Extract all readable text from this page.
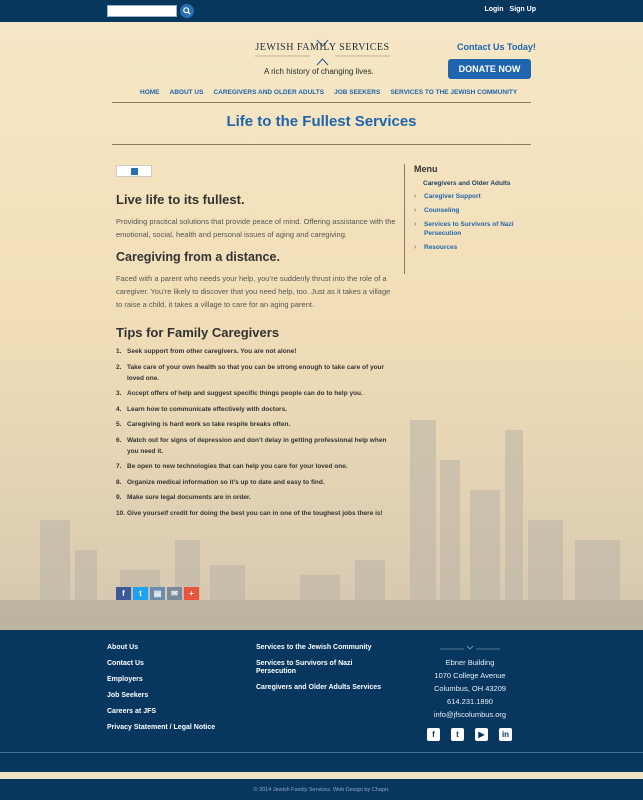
Login Sign Up
JEWISH FAMILY SERVICES
A rich history of changing lives.
Contact Us Today!
DONATE NOW
HOME ABOUT US CAREGIVERS AND OLDER ADULTS JOB SEEKERS SERVICES TO THE JEWISH COMMUNITY
Life to the Fullest Services
Live life to its fullest.
Providing practical solutions that provide peace of mind. Offering assistance with the emotional, social, health and personal issues of aging and caregiving.
Caregiving from a distance.
Faced with a parent who needs your help, you’re suddenly thrust into the role of a caregiver. You’re likely to discover that you need help, too. Just as it takes a village to raise a child, it takes a village to care for an aging parent.
Tips for Family Caregivers
1. Seek support from other caregivers. You are not alone!
2. Take care of your own health so that you can be strong enough to take care of your loved one.
3. Accept offers of help and suggest specific things people can do to help you.
4. Learn how to communicate effectively with doctors.
5. Caregiving is hard work so take respite breaks often.
6. Watch out for signs of depression and don’t delay in getting professional help when you need it.
7. Be open to new technologies that can help you care for your loved one.
8. Organize medical information so it’s up to date and easy to find.
9. Make sure legal documents are in order.
10. Give yourself credit for doing the best you can in one of the toughest jobs there is!
f	t	▤	✉	+
Menu
Caregivers and Older Adults
›	Caregiver Support
›	Counseling
›	Services to Survivors of Nazi Persecution
›	Resources
About Us
Contact Us
Employers
Job Seekers
Careers at JFS
Privacy Statement / Legal Notice
Services to the Jewish Community
Services to Survivors of Nazi Persecution
Caregivers and Older Adults Services
Ebner Building
1070 College Avenue
Columbus, OH 43209
614.231.1890
info@jfscolumbus.org
f	t	▶	in
© 2014 Jewish Family Services. Web Design by Chapri.
